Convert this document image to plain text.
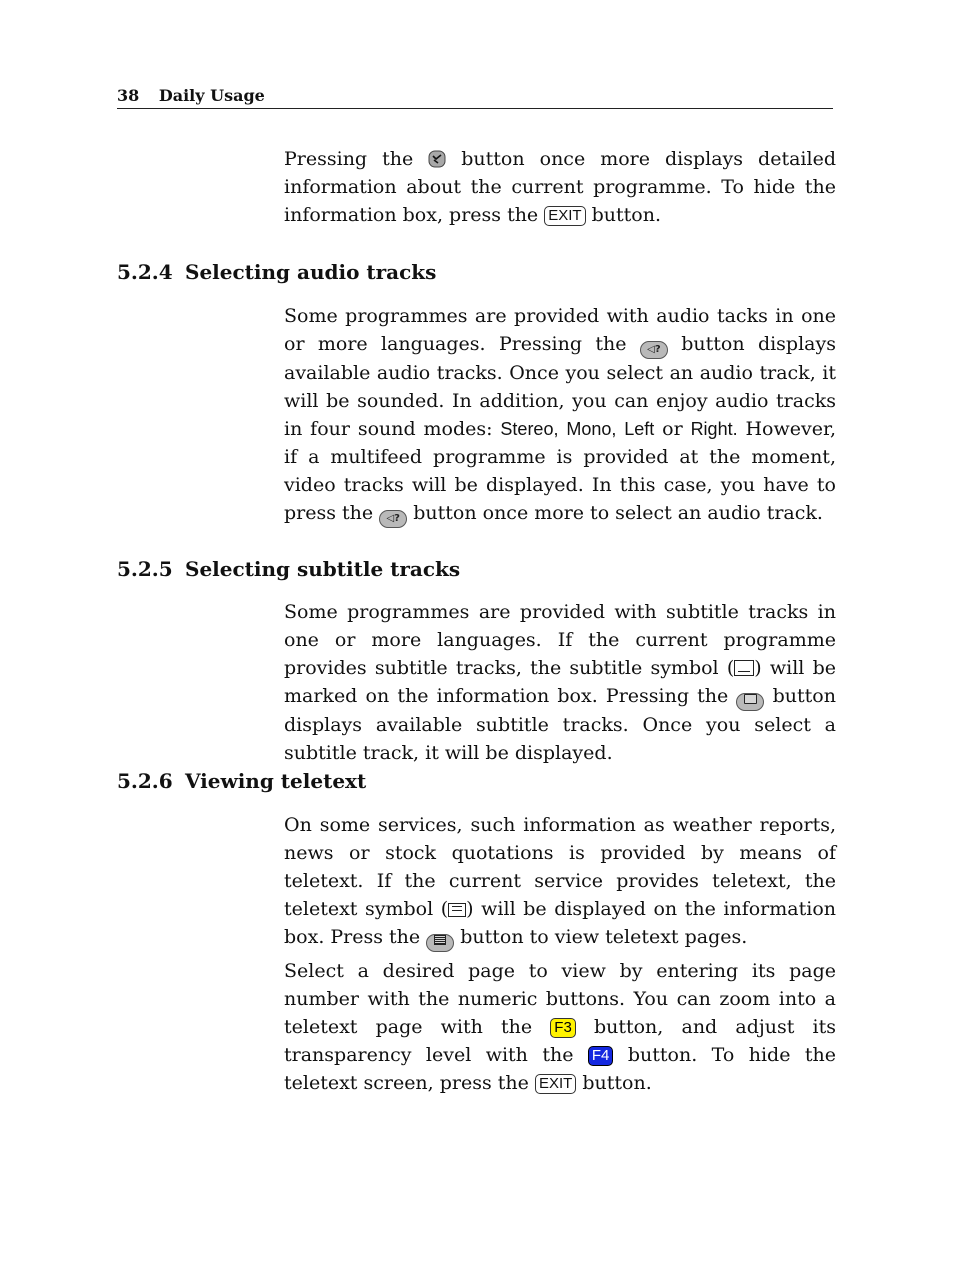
38 Daily Usage

Pressing the	button once more displays detailed information about the current programme. To hide the information box, press the EXIT button.

5.2.4 Selecting audio tracks

Some programmes are provided with audio tacks in one or more languages. Pressing the ◁? button displays available audio tracks. Once you select an audio track, it will be sounded. In addition, you can enjoy audio tracks in four sound modes: Stereo, Mono, Left or Right. However, if a multifeed programme is provided at the moment, video tracks will be displayed. In this case, you have to press the ◁? button once more to select an audio track.

5.2.5 Selecting subtitle tracks

Some programmes are provided with subtitle tracks in one or more languages. If the current programme provides subtitle tracks, the subtitle symbol ( ) will be marked on the information box. Pressing the button displays available subtitle tracks. Once you select a subtitle track, it will be displayed.

5.2.6 Viewing teletext

On some services, such information as weather reports, news or stock quotations is provided by means of teletext. If the current service provides teletext, the teletext symbol ( ) will be displayed on the information box. Press the button to view teletext pages.

Select a desired page to view by entering its page number with the numeric buttons. You can zoom into a teletext page with the F3 button, and adjust its transparency level with the F4 button. To hide the teletext screen, press the EXIT button.
